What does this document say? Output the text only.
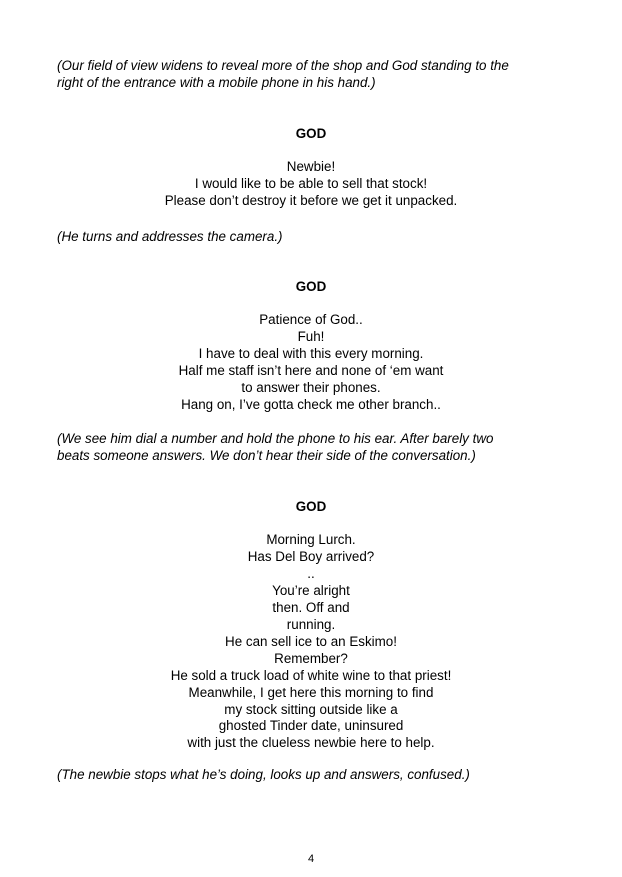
(Our field of view widens to reveal more of the shop and God standing to the
right of the entrance with a mobile phone in his hand.)
GOD
Newbie!
I would like to be able to sell that stock!
Please don’t destroy it before we get it unpacked.
(He turns and addresses the camera.)
GOD
Patience of God..
Fuh!
I have to deal with this every morning.
Half me staff isn’t here and none of ‘em want
to answer their phones.
Hang on, I’ve gotta check me other branch..
(We see him dial a number and hold the phone to his ear. After barely two
beats someone answers. We don’t hear their side of the conversation.)
GOD
Morning Lurch.
Has Del Boy arrived?
..
You’re alright
then. Off and
running.
He can sell ice to an Eskimo!
Remember?
He sold a truck load of white wine to that priest!
Meanwhile, I get here this morning to find
my stock sitting outside like a
ghosted Tinder date, uninsured
with just the clueless newbie here to help.
(The newbie stops what he’s doing, looks up and answers, confused.)
4
